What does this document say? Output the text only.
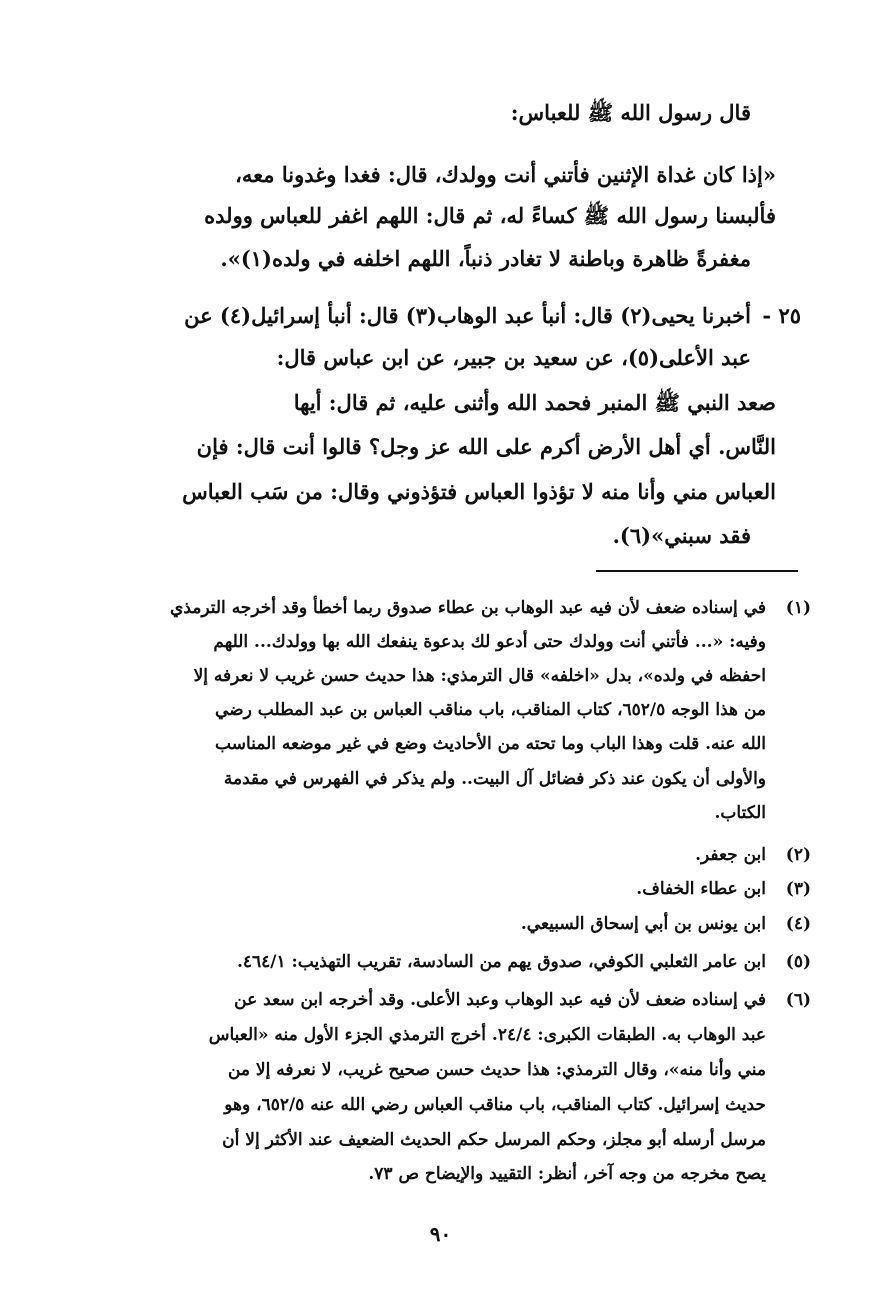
قال رسول الله ﷺ للعباس:
«إذا كان غداة الإثنين فأتني أنت وولدك، قال: فغدا وغدونا معه،
فألبسنا رسول الله ﷺ كساءً له، ثم قال: اللهم اغفر للعباس وولده
مغفرةً ظاهرة وباطنة لا تغادر ذنباً، اللهم اخلفه في ولده(١)».
٢٥ -
أخبرنا يحيى(٢) قال: أنبأ عبد الوهاب(٣) قال: أنبأ إسرائيل(٤) عن
عبد الأعلى(٥)، عن سعيد بن جبير، عن ابن عباس قال:
صعد النبي ﷺ المنبر فحمد الله وأثنى عليه، ثم قال: أيها
النَّاس. أي أهل الأرض أكرم على الله عز وجل؟ قالوا أنت قال: فإن
العباس مني وأنا منه لا تؤذوا العباس فتؤذوني وقال: من سَب العباس
فقد سبني»(٦).
(١)
في إسناده ضعف لأن فيه عبد الوهاب بن عطاء صدوق ربما أخطأ وقد أخرجه الترمذي
وفيه: «... فأتني أنت وولدك حتى أدعو لك بدعوة ينفعك الله بها وولدك... اللهم
احفظه في ولده»، بدل «اخلفه» قال الترمذي: هذا حديث حسن غريب لا نعرفه إلا
من هذا الوجه ٦٥٢/٥، كتاب المناقب، باب مناقب العباس بن عبد المطلب رضي
الله عنه. قلت وهذا الباب وما تحته من الأحاديث وضع في غير موضعه المناسب
والأولى أن يكون عند ذكر فضائل آل البيت.. ولم يذكر في الفهرس في مقدمة
الكتاب.
(٢)
ابن جعفر.
(٣)
ابن عطاء الخفاف.
(٤)
ابن يونس بن أبي إسحاق السبيعي.
(٥)
ابن عامر الثعلبي الكوفي، صدوق يهم من السادسة، تقريب التهذيب: ٤٦٤/١.
(٦)
في إسناده ضعف لأن فيه عبد الوهاب وعبد الأعلى. وقد أخرجه ابن سعد عن
عبد الوهاب به. الطبقات الكبرى: ٢٤/٤. أخرج الترمذي الجزء الأول منه «العباس
مني وأنا منه»، وقال الترمذي: هذا حديث حسن صحيح غريب، لا نعرفه إلا من
حديث إسرائيل. كتاب المناقب، باب مناقب العباس رضي الله عنه ٦٥٢/٥، وهو
مرسل أرسله أبو مجلز، وحكم المرسل حكم الحديث الضعيف عند الأكثر إلا أن
يصح مخرجه من وجه آخر، أنظر: التقييد والإيضاح ص ٧٣.
٩٠
